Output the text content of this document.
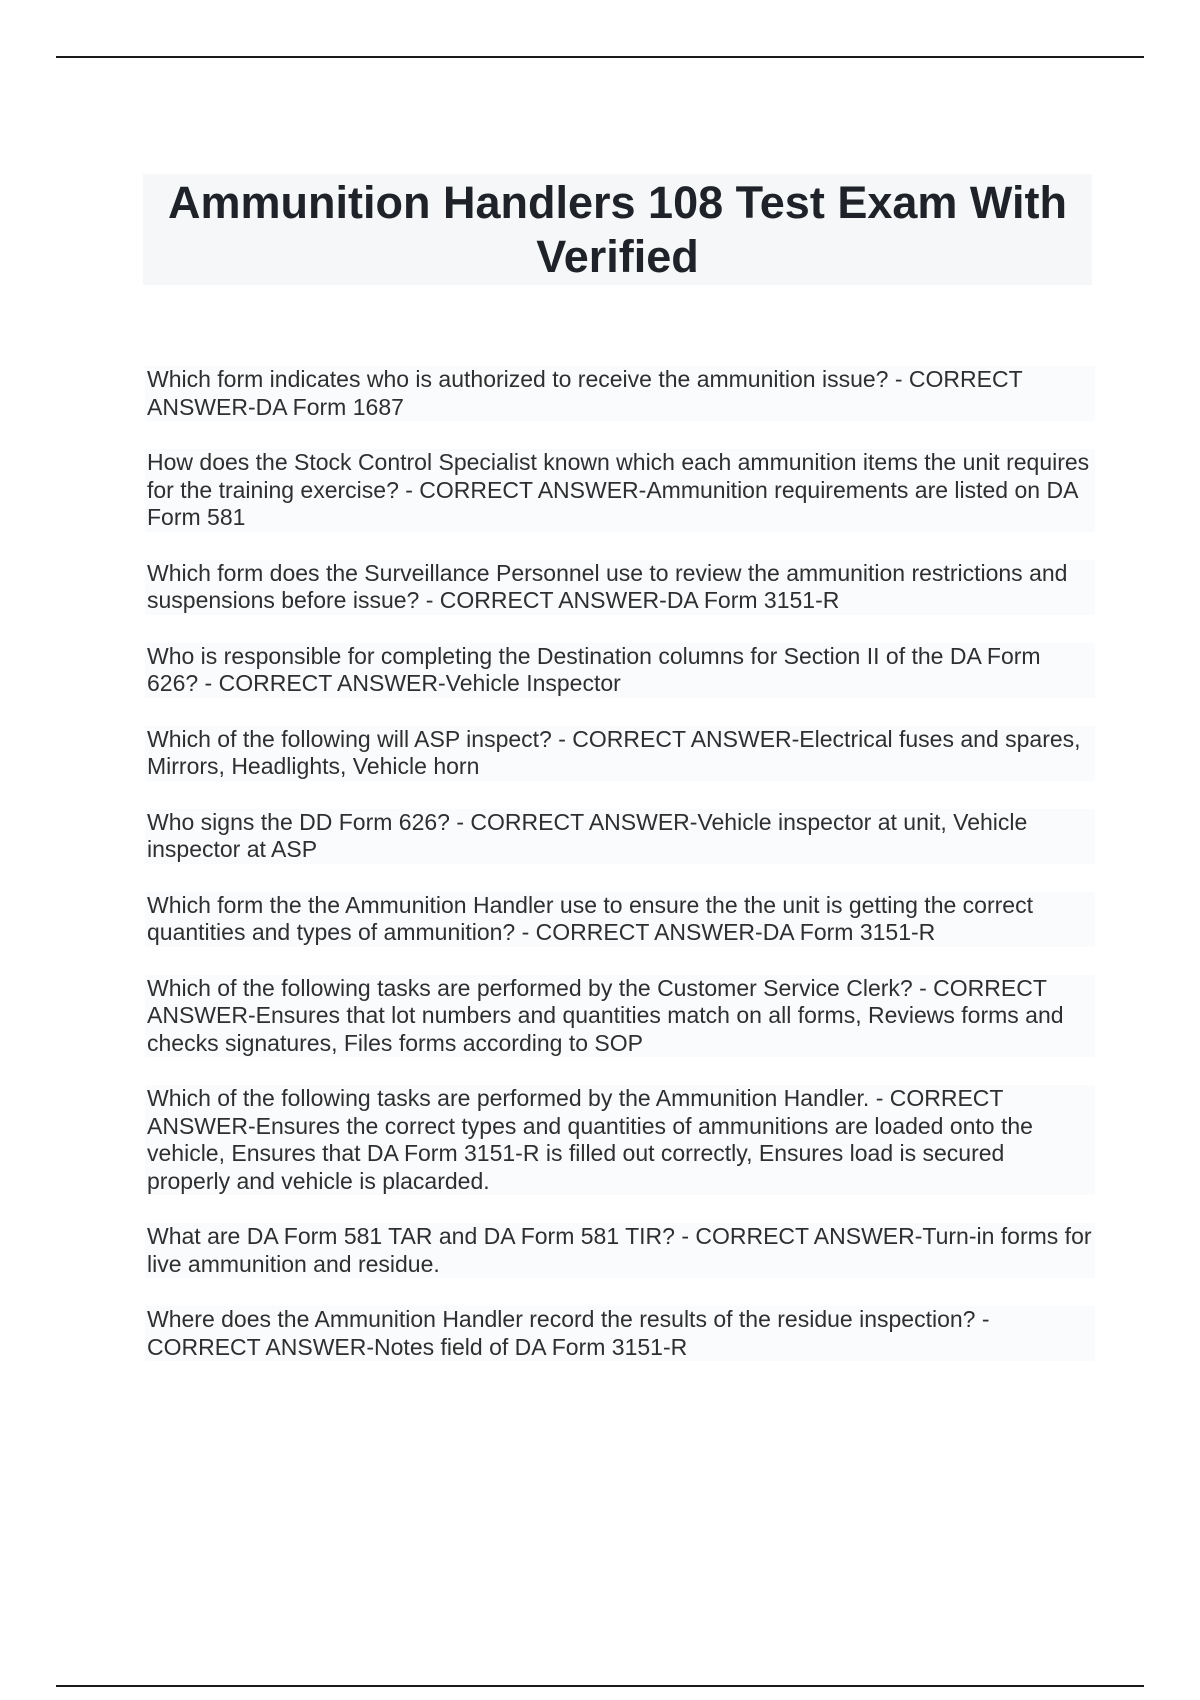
Ammunition Handlers 108 Test Exam With Verified

Which form indicates who is authorized to receive the ammunition issue? - CORRECT ANSWER-DA Form 1687

How does the Stock Control Specialist known which each ammunition items the unit requires for the training exercise? - CORRECT ANSWER-Ammunition requirements are listed on DA Form 581

Which form does the Surveillance Personnel use to review the ammunition restrictions and suspensions before issue? - CORRECT ANSWER-DA Form 3151-R

Who is responsible for completing the Destination columns for Section II of the DA Form 626? - CORRECT ANSWER-Vehicle Inspector

Which of the following will ASP inspect? - CORRECT ANSWER-Electrical fuses and spares, Mirrors, Headlights, Vehicle horn

Who signs the DD Form 626? - CORRECT ANSWER-Vehicle inspector at unit, Vehicle inspector at ASP

Which form the the Ammunition Handler use to ensure the the unit is getting the correct quantities and types of ammunition? - CORRECT ANSWER-DA Form 3151-R

Which of the following tasks are performed by the Customer Service Clerk? - CORRECT ANSWER-Ensures that lot numbers and quantities match on all forms, Reviews forms and checks signatures, Files forms according to SOP

Which of the following tasks are performed by the Ammunition Handler. - CORRECT ANSWER-Ensures the correct types and quantities of ammunitions are loaded onto the vehicle, Ensures that DA Form 3151-R is filled out correctly, Ensures load is secured properly and vehicle is placarded.

What are DA Form 581 TAR and DA Form 581 TIR? - CORRECT ANSWER-Turn-in forms for live ammunition and residue.

Where does the Ammunition Handler record the results of the residue inspection? - CORRECT ANSWER-Notes field of DA Form 3151-R
